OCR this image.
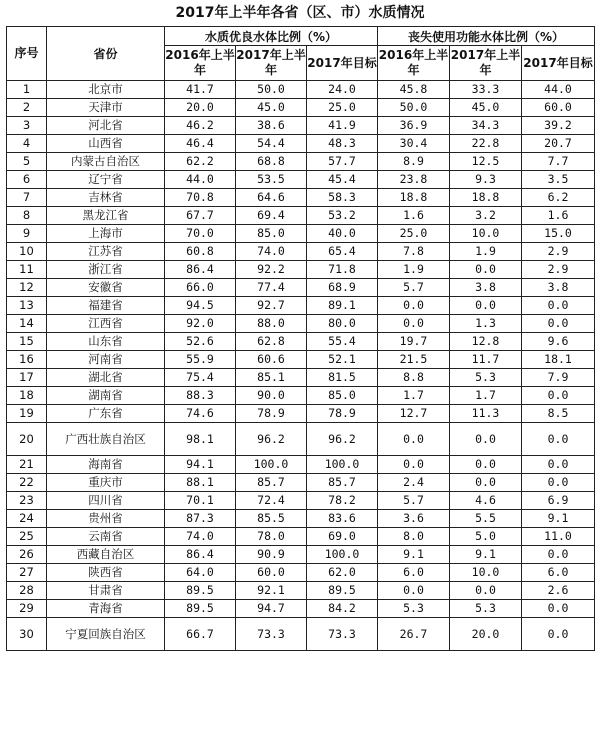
2017年上半年各省（区、市）水质情况
序号	省份	水质优良水体比例（%）			丧失使用功能水体比例（%）		
		2016年上半年	2017年上半年	2017年目标	2016年上半年	2017年上半年	2017年目标
1	北京市	41.7	50.0	24.0	45.8	33.3	44.0
2	天津市	20.0	45.0	25.0	50.0	45.0	60.0
3	河北省	46.2	38.6	41.9	36.9	34.3	39.2
4	山西省	46.4	54.4	48.3	30.4	22.8	20.7
5	内蒙古自治区	62.2	68.8	57.7	8.9	12.5	7.7
6	辽宁省	44.0	53.5	45.4	23.8	9.3	3.5
7	吉林省	70.8	64.6	58.3	18.8	18.8	6.2
8	黑龙江省	67.7	69.4	53.2	1.6	3.2	1.6
9	上海市	70.0	85.0	40.0	25.0	10.0	15.0
10	江苏省	60.8	74.0	65.4	7.8	1.9	2.9
11	浙江省	86.4	92.2	71.8	1.9	0.0	2.9
12	安徽省	66.0	77.4	68.9	5.7	3.8	3.8
13	福建省	94.5	92.7	89.1	0.0	0.0	0.0
14	江西省	92.0	88.0	80.0	0.0	1.3	0.0
15	山东省	52.6	62.8	55.4	19.7	12.8	9.6
16	河南省	55.9	60.6	52.1	21.5	11.7	18.1
17	湖北省	75.4	85.1	81.5	8.8	5.3	7.9
18	湖南省	88.3	90.0	85.0	1.7	1.7	0.0
19	广东省	74.6	78.9	78.9	12.7	11.3	8.5
20	广西壮族自治区	98.1	96.2	96.2	0.0	0.0	0.0
21	海南省	94.1	100.0	100.0	0.0	0.0	0.0
22	重庆市	88.1	85.7	85.7	2.4	0.0	0.0
23	四川省	70.1	72.4	78.2	5.7	4.6	6.9
24	贵州省	87.3	85.5	83.6	3.6	5.5	9.1
25	云南省	74.0	78.0	69.0	8.0	5.0	11.0
26	西藏自治区	86.4	90.9	100.0	9.1	9.1	0.0
27	陕西省	64.0	60.0	62.0	6.0	10.0	6.0
28	甘肃省	89.5	92.1	89.5	0.0	0.0	2.6
29	青海省	89.5	94.7	84.2	5.3	5.3	0.0
30	宁夏回族自治区	66.7	73.3	73.3	26.7	20.0	0.0
